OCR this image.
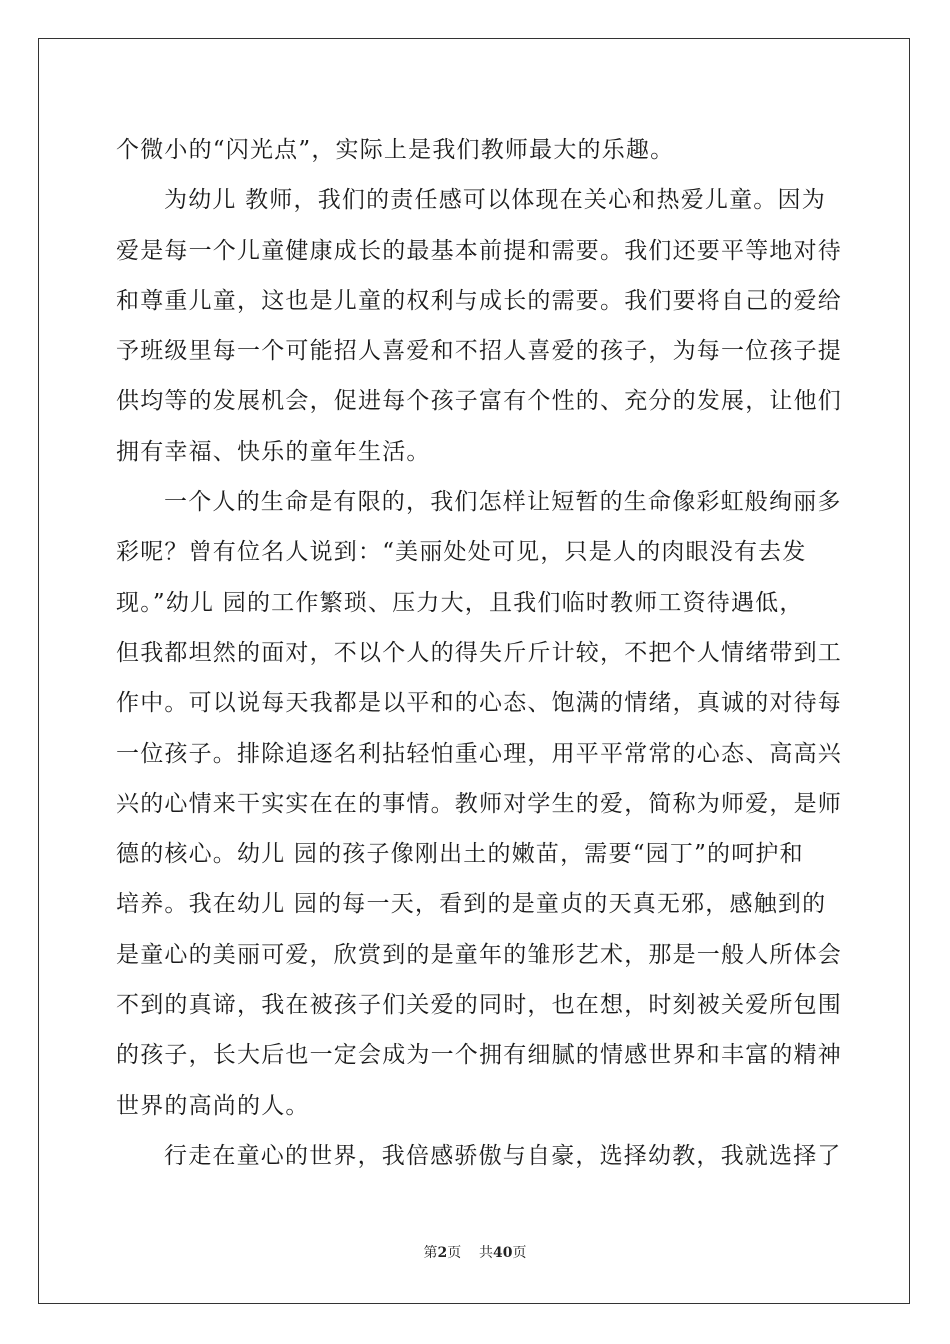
个微小的“闪光点”，实际上是我们教师最大的乐趣。
为幼儿 教师，我们的责任感可以体现在关心和热爱儿童。因为
爱是每一个儿童健康成长的最基本前提和需要。我们还要平等地对待
和尊重儿童，这也是儿童的权利与成长的需要。我们要将自己的爱给
予班级里每一个可能招人喜爱和不招人喜爱的孩子，为每一位孩子提
供均等的发展机会，促进每个孩子富有个性的、充分的发展，让他们
拥有幸福、快乐的童年生活。
一个人的生命是有限的，我们怎样让短暂的生命像彩虹般绚丽多
彩呢？曾有位名人说到：“美丽处处可见，只是人的肉眼没有去发
现。”幼儿 园的工作繁琐、压力大，且我们临时教师工资待遇低，
但我都坦然的面对，不以个人的得失斤斤计较，不把个人情绪带到工
作中。可以说每天我都是以平和的心态、饱满的情绪，真诚的对待每
一位孩子。排除追逐名利拈轻怕重心理，用平平常常的心态、高高兴
兴的心情来干实实在在的事情。教师对学生的爱，简称为师爱，是师
德的核心。幼儿 园的孩子像刚出土的嫩苗，需要“园丁”的呵护和
培养。我在幼儿 园的每一天，看到的是童贞的天真无邪，感触到的
是童心的美丽可爱，欣赏到的是童年的雏形艺术，那是一般人所体会
不到的真谛，我在被孩子们关爱的同时，也在想，时刻被关爱所包围
的孩子，长大后也一定会成为一个拥有细腻的情感世界和丰富的精神
世界的高尚的人。
行走在童心的世界，我倍感骄傲与自豪，选择幼教，我就选择了
第2页 共40页
